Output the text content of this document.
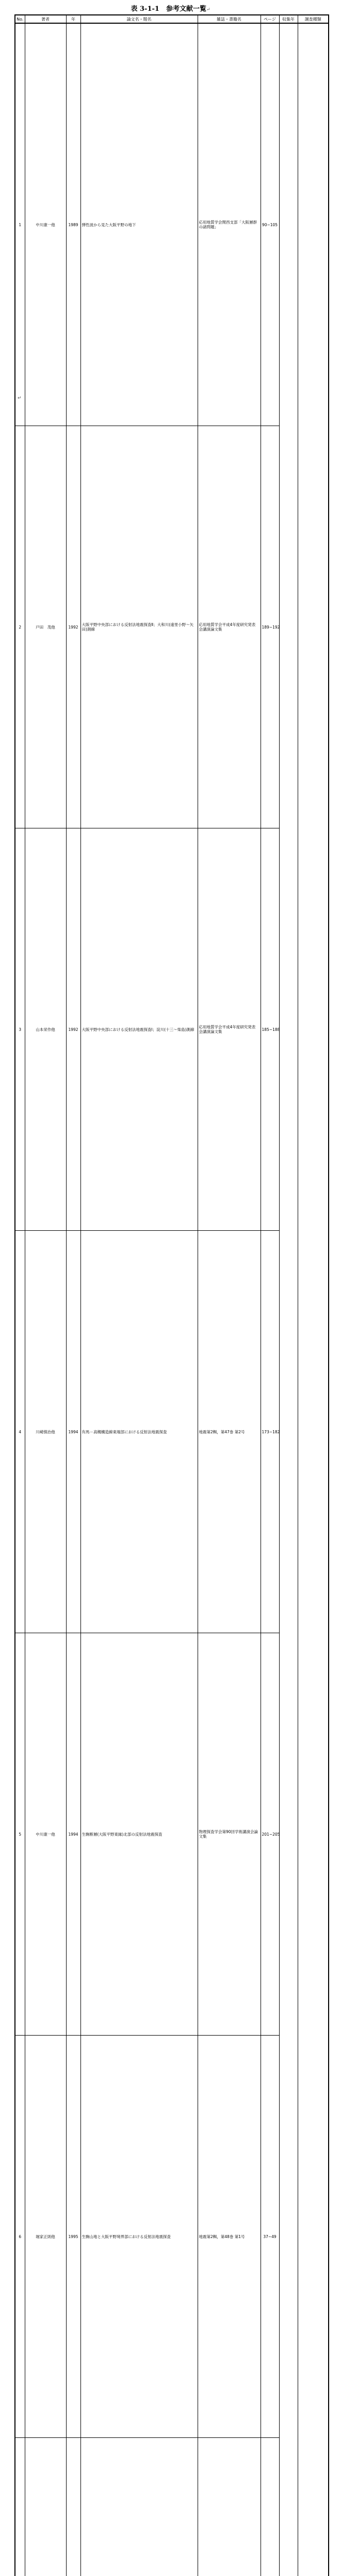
表 3-1-1　参考文献一覧↵
No.	著者	年	論文名・題名	雑誌・書籍名	ページ	収集年	調査種類
1	中川康一他	1989	弾性波から見た大阪平野の地下	応用地質学会関西支部「大阪層群の諸問題」	90~105		
2	戸田　茂他	1992	大阪平野中央部における反射法地震探査Ⅱ；大和川(遠里小野～矢田)測線	応用地質学会平成4年度研究発表会講演論文集	189~192		
3	山本栄作他	1992	大阪平野中央部における反射法地震探査Ⅰ；淀川(十三～柴島)測線	応用地質学会平成4年度研究発表会講演論文集	185~188		
4	川崎慎治他	1994	有馬－高槻構造線東端部における反射法地震探査	地震第2輯，第47巻 第2号	173~182		
5	中川康一他	1994	生駒断層(大阪平野東縁)北部の反射法地震探査	物理探査学会第90回学術講演会論文集	201~205		
6	堀家正則他	1995	生駒山地と大阪平野境界部における反射法地震探査	地震第2輯，第48巻 第1号	37~49		

↵
